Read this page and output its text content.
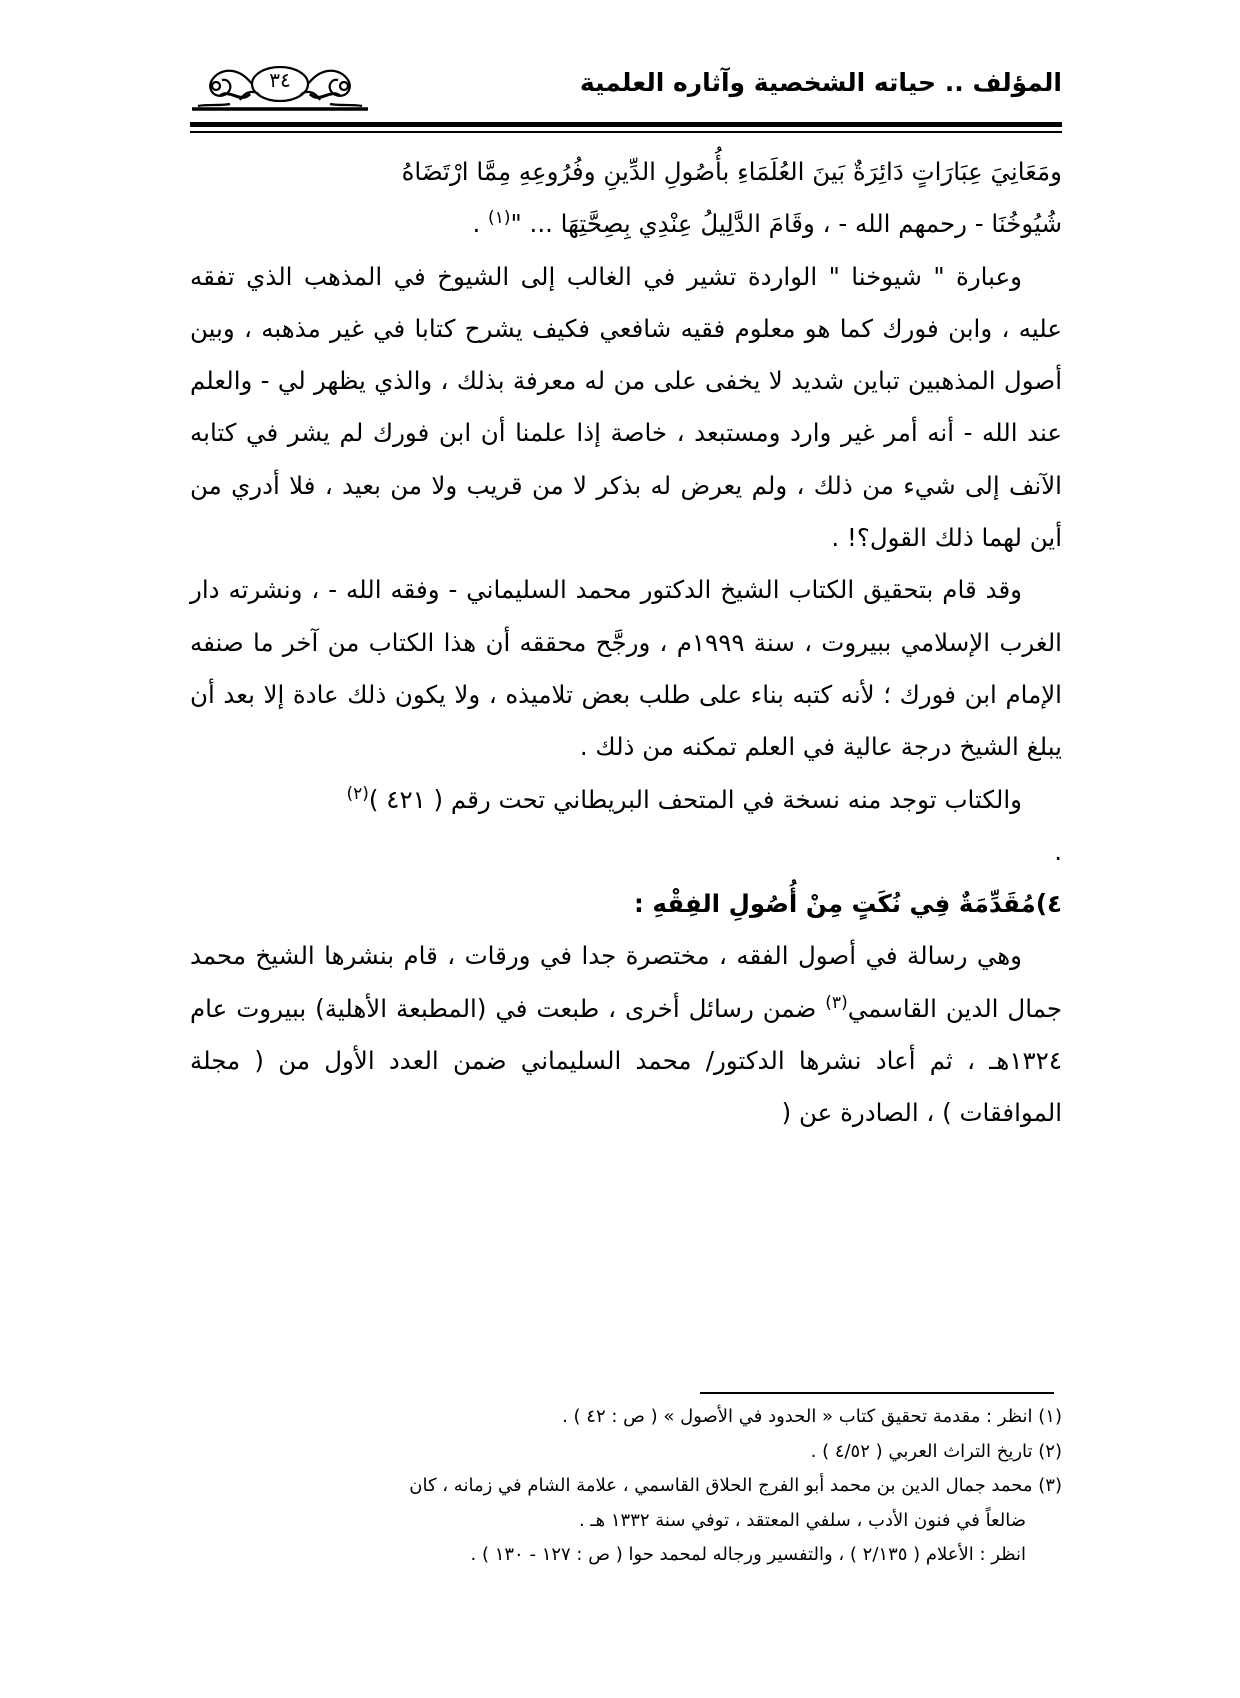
المؤلف .. حياته الشخصية وآثاره العلمية
٣٤

ومَعَانِيَ عِبَارَاتٍ دَائِرَةٌ بَينَ العُلَمَاءِ بأُصُولِ الدِّينِ وفُرُوعِهِ مِمَّا ارْتَضَاهُ

شُيُوخُنَا - رحمهم الله - ، وقَامَ الدَّلِيلُ عِنْدِي بِصِحَّتِهَا ... "$^{(١)}$ .

وعبارة " شيوخنا " الواردة تشير في الغالب إلى الشيوخ في المذهب الذي تفقه عليه ، وابن فورك كما هو معلوم فقيه شافعي فكيف يشرح كتابا في غير مذهبه ، وبين أصول المذهبين تباين شديد لا يخفى على من له معرفة بذلك ، والذي يظهر لي - والعلم عند الله - أنه أمر غير وارد ومستبعد ، خاصة إذا علمنا أن ابن فورك لم يشر في كتابه الآنف إلى شيء من ذلك ، ولم يعرض له بذكر لا من قريب ولا من بعيد ، فلا أدري من أين لهما ذلك القول؟! .

وقد قام بتحقيق الكتاب الشيخ الدكتور محمد السليماني - وفقه الله - ، ونشرته دار الغرب الإسلامي ببيروت ، سنة ١٩٩٩م ، ورجَّح محققه أن هذا الكتاب من آخر ما صنفه الإمام ابن فورك ؛ لأنه كتبه بناء على طلب بعض تلاميذه ، ولا يكون ذلك عادة إلا بعد أن يبلغ الشيخ درجة عالية في العلم تمكنه من ذلك .

والكتاب توجد منه نسخة في المتحف البريطاني تحت رقم ( ٤٢١ )$^{(٢)}$

.

٤)مُقَدِّمَةٌ فِي نُكَتٍ مِنْ أُصُولِ الفِقْهِ :

وهي رسالة في أصول الفقه ، مختصرة جدا في ورقات ، قام بنشرها الشيخ محمد جمال الدين القاسمي$^{(٣)}$ ضمن رسائل أخرى ، طبعت في (المطبعة الأهلية) ببيروت عام ١٣٢٤هـ ، ثم أعاد نشرها الدكتور/ محمد السليماني ضمن العدد الأول من ( مجلة الموافقات ) ، الصادرة عن (

(١) انظر : مقدمة تحقيق كتاب « الحدود في الأصول » ( ص : ٤٢ ) .

(٢) تاريخ التراث العربي ( ٤/٥٢ ) .

(٣) محمد جمال الدين بن محمد أبو الفرج الحلاق القاسمي ، علامة الشام في زمانه ، كان

ضالعاً في فنون الأدب ، سلفي المعتقد ، توفي سنة ١٣٣٢ هـ .

انظر : الأعلام ( ٢/١٣٥ ) ، والتفسير ورجاله لمحمد حوا ( ص : ١٢٧ - ١٣٠ ) .
